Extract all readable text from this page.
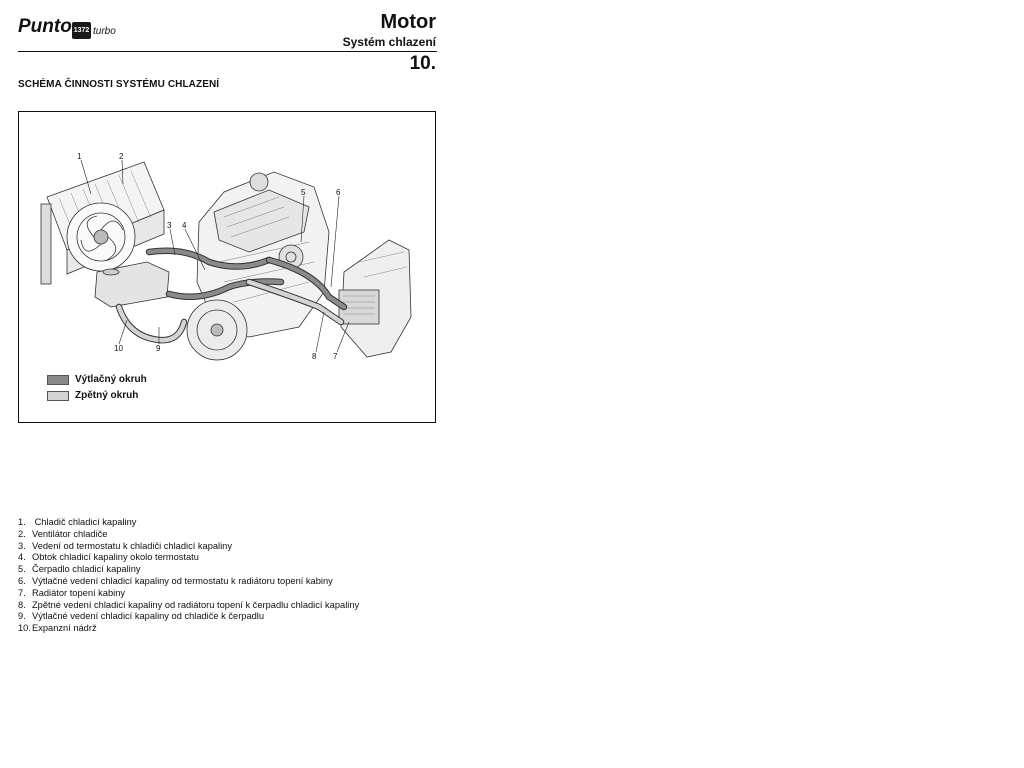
Punto 1372 turbo	Motor
Systém chlazení
10.
SCHÉMA ČINNOSTI SYSTÉMU CHLAZENÍ
1	2
3 4
5	6
7
8
9
10
Výtlačný okruh
Zpětný okruh
1. Chladič chladicí kapaliny
2. Ventilátor chladiče
3. Vedení od termostatu k chladiči chladicí kapaliny
4. Obtok chladicí kapaliny okolo termostatu
5. Čerpadlo chladicí kapaliny
6. Výtlačné vedení chladicí kapaliny od termostatu k radiátoru topení kabiny
7. Radiátor topení kabiny
8. Zpětné vedení chladicí kapaliny od radiátoru topení k čerpadlu chladicí kapaliny
9. Výtlačné vedení chladicí kapaliny od chladiče k čerpadlu
10. Expanzní nádrž
